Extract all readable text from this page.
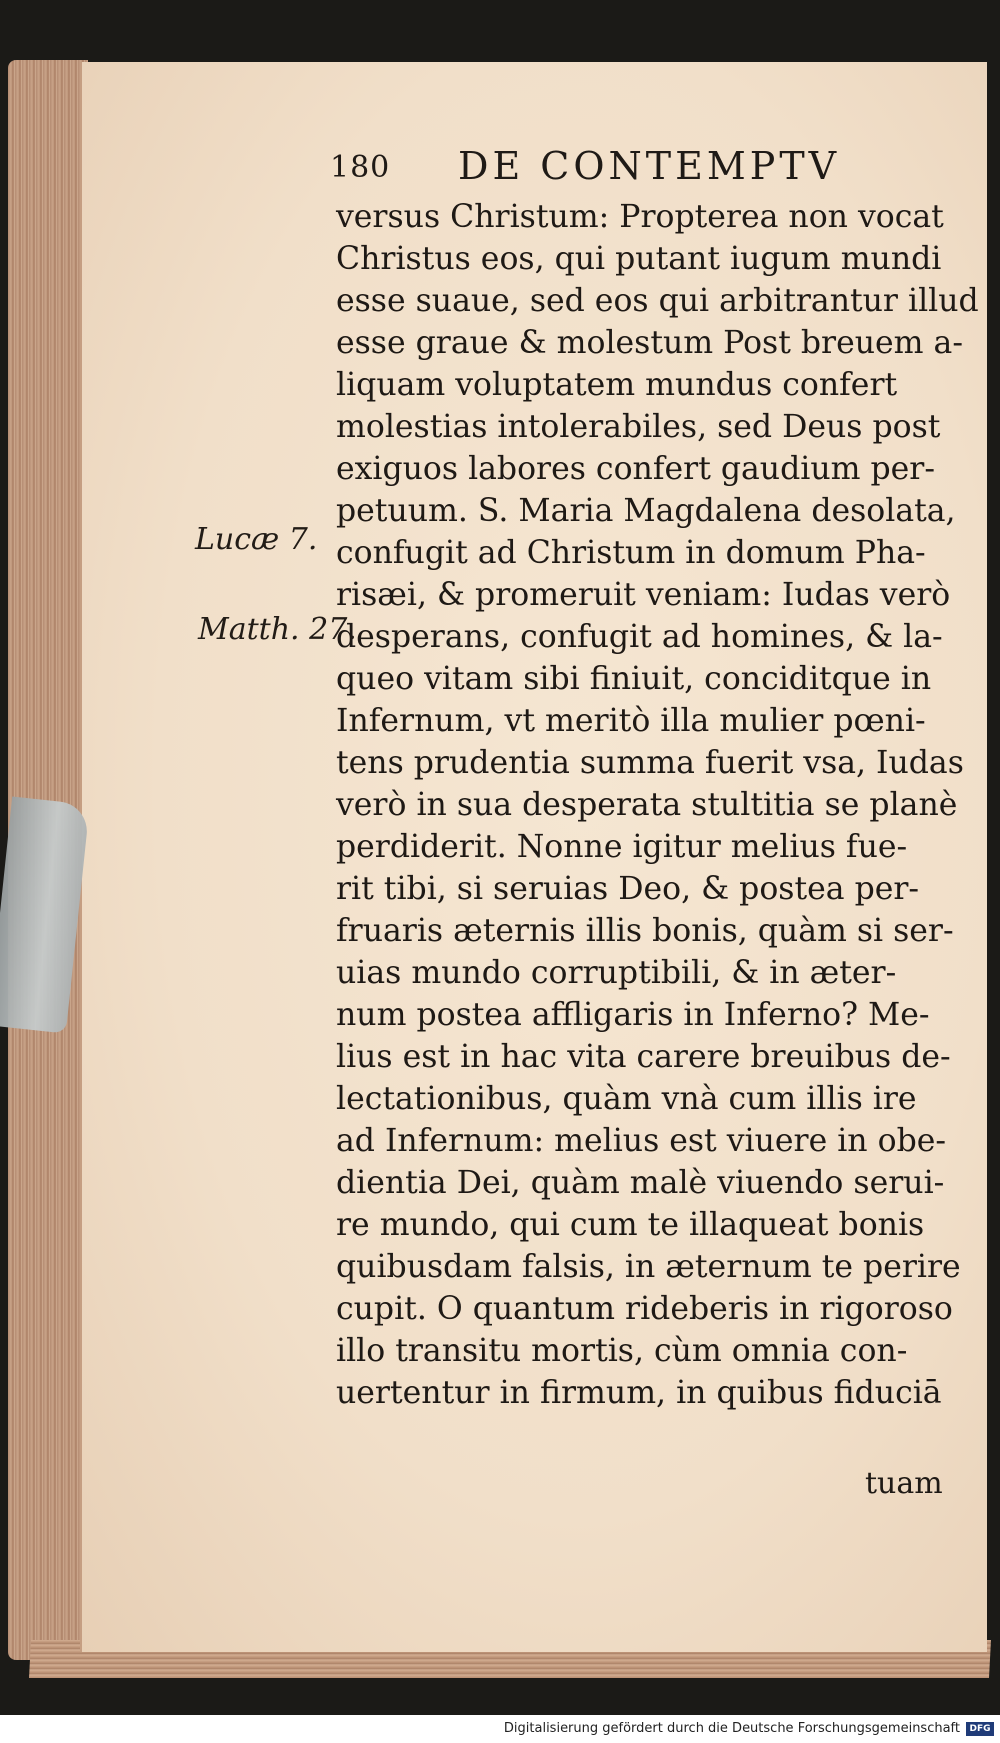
180 DE CONTEMPTV
versus Christum: Propterea non vocat
Christus eos, qui putant iugum mundi
esse suaue, sed eos qui arbitrantur illud
esse graue & molestum Post breuem a-
liquam voluptatem mundus confert
molestias intolerabiles, sed Deus post
exiguos labores confert gaudium per-
petuum. S. Maria Magdalena desolata,
confugit ad Christum in domum Pha-
risæi, & promeruit veniam: Iudas verò
desperans, confugit ad homines, & la-
queo vitam sibi finiuit, conciditque in
Infernum, vt meritò illa mulier pœni-
tens prudentia summa fuerit vsa, Iudas
verò in sua desperata stultitia se planè
perdiderit. Nonne igitur melius fue-
rit tibi, si seruias Deo, & postea per-
fruaris æternis illis bonis, quàm si ser-
uias mundo corruptibili, & in æter-
num postea affligaris in Inferno? Me-
lius est in hac vita carere breuibus de-
lectationibus, quàm vnà cum illis ire
ad Infernum: melius est viuere in obe-
dientia Dei, quàm malè viuendo serui-
re mundo, qui cum te illaqueat bonis
quibusdam falsis, in æternum te perire
cupit. O quantum rideberis in rigoroso
illo transitu mortis, cùm omnia con-
uertentur in firmum, in quibus fiduciā
tuam
Lucæ 7.
Matth. 27.
Digitalisierung gefördert durch die Deutsche Forschungsgemeinschaft	DFG
